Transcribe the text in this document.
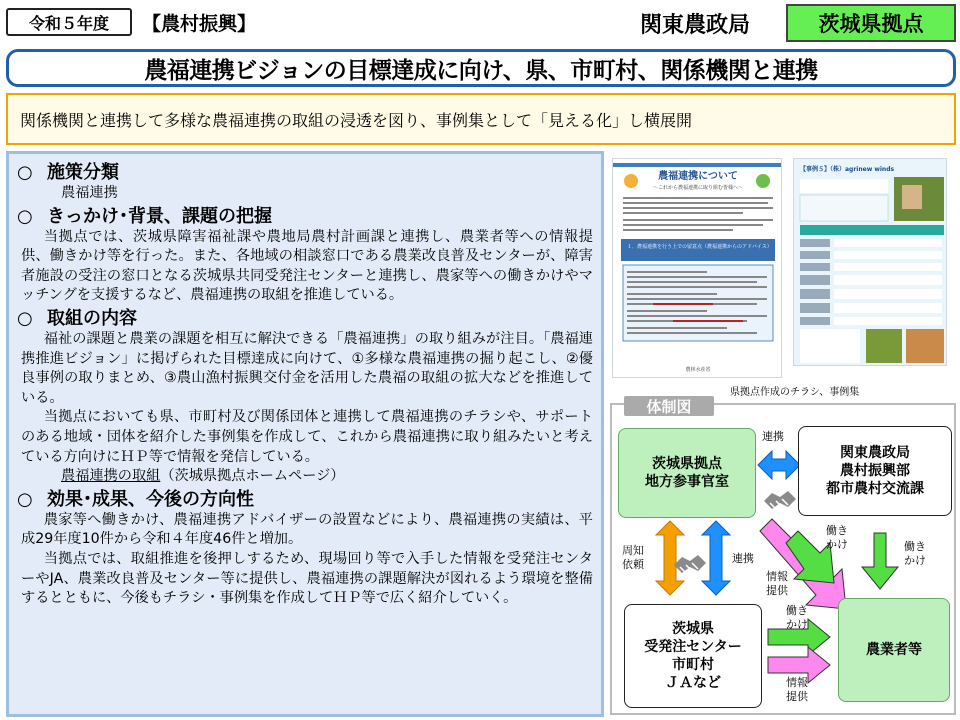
令和５年度	【農村振興】	関東農政局	茨城県拠点
農福連携ビジョンの目標達成に向け、県、市町村、関係機関と連携
関係機関と連携して多様な農福連携の取組の浸透を図り、事例集として「見える化」し横展開
○ 施策分類
農福連携
○ きっかけ･背景、課題の把握
当拠点では、茨城県障害福祉課や農地局農村計画課と連携し、農業者等への情報提供、働きかけ等を行った。また、各地域の相談窓口である農業改良普及センターが、障害者施設の受注の窓口となる茨城県共同受発注センターと連携し、農家等への働きかけやマッチングを支援するなど、農福連携の取組を推進している。
○ 取組の内容
福祉の課題と農業の課題を相互に解決できる「農福連携」の取り組みが注目。「農福連携推進ビジョン」に掲げられた目標達成に向けて、①多様な農福連携の掘り起こし、②優良事例の取りまとめ、③農山漁村振興交付金を活用した農福の取組の拡大などを推進している。
当拠点においても県、市町村及び関係団体と連携して農福連携のチラシや、サポートのある地域・団体を紹介した事例集を作成して、これから農福連携に取り組みたいと考えている方向けにＨＰ等で情報を発信している。
農福連携の取組（茨城県拠点ホームページ）
○ 効果･成果、今後の方向性
農家等へ働きかけ、農福連携アドバイザーの設置などにより、農福連携の実績は、平成29年度10件から令和４年度46件と増加。
当拠点では、取組推進を後押しするため、現場回り等で入手した情報を受発注センターやJA、農業改良普及センター等に提供し、農福連携の課題解決が図れるよう環境を整備するとともに、今後もチラシ・事例集を作成してＨＰ等で広く紹介していく。
農福連携について
～これから農福連携に取り組む皆様へ～
１．農福連携を行う上での留意点（農福連携からのアドバイス）
農林水産省
【事例５】（株）agrinew winds
県拠点作成のチラシ、事例集
体制図
茨城県拠点
地方参事官室
関東農政局
農村振興部
都市農村交流課
茨城県
受発注センター
市町村
ＪＡなど
農業者等
連携
周知
依頼	連携
働き
かけ	働き
かけ
情報
提供
働き
かけ
情報
提供
